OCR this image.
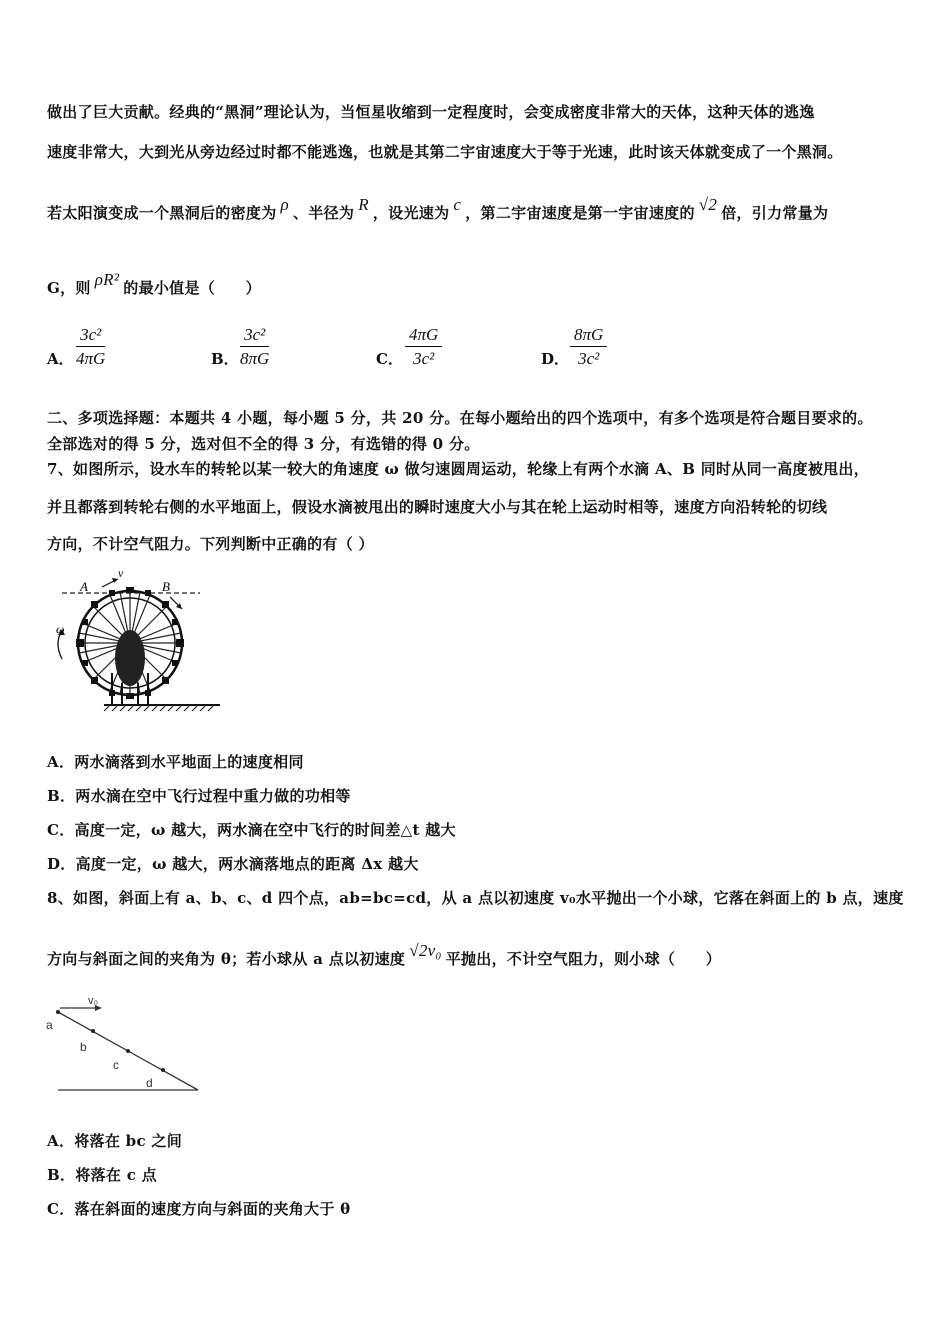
做出了巨大贡献。经典的“黑洞”理论认为，当恒星收缩到一定程度时，会变成密度非常大的天体，这种天体的逃逸
速度非常大，大到光从旁边经过时都不能逃逸，也就是其第二宇宙速度大于等于光速，此时该天体就变成了一个黑洞。
若太阳演变成一个黑洞后的密度为 ρ 、半径为 R ，设光速为 c ，第二宇宙速度是第一宇宙速度的 √2 倍，引力常量为
G，则 ρR² 的最小值是（　　）
A． $\frac{\text{3c²}}{4\pi G}$	B． $\frac{\text{3c²}}{8\pi G}$	C． $\frac{4\pi G}{\text{3c²}}$	D． $\frac{8\pi G}{\text{3c²}}$
二、多项选择题：本题共 4 小题，每小题 5 分，共 20 分。在每小题给出的四个选项中，有多个选项是符合题目要求的。
全部选对的得 5 分，选对但不全的得 3 分，有选错的得 0 分。
7、如图所示，设水车的转轮以某一较大的角速度 ω 做匀速圆周运动，轮缘上有两个水滴 A、B 同时从同一高度被甩出，
并且都落到转轮右侧的水平地面上，假设水滴被甩出的瞬时速度大小与其在轮上运动时相等，速度方向沿转轮的切线
方向，不计空气阻力。下列判断中正确的有（ ）
A	B
v
ω
A．两水滴落到水平地面上的速度相同
B．两水滴在空中飞行过程中重力做的功相等
C．高度一定，ω 越大，两水滴在空中飞行的时间差△t 越大
D．高度一定，ω 越大，两水滴落地点的距离 Δx 越大
8、如图，斜面上有 a、b、c、d 四个点，ab=bc=cd，从 a 点以初速度 v₀水平抛出一个小球，它落在斜面上的 b 点，速度
方向与斜面之间的夹角为 θ；若小球从 a 点以初速度 √2v₀ 平抛出，不计空气阻力，则小球（　　）
v₀
a
b
c
d
A．将落在 bc 之间
B．将落在 c 点
C．落在斜面的速度方向与斜面的夹角大于 θ
